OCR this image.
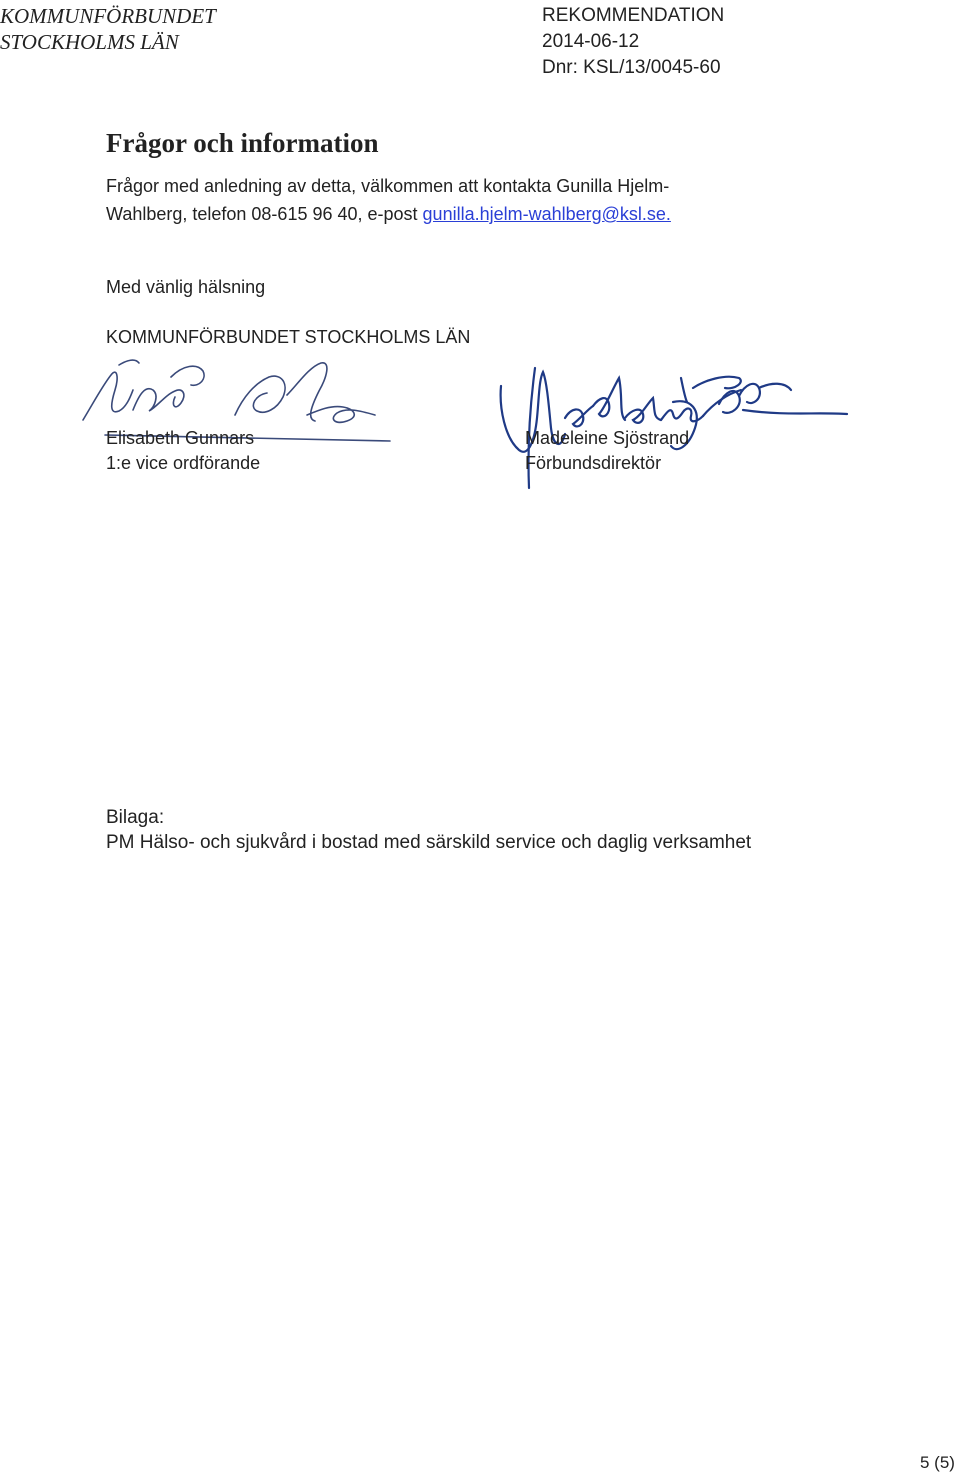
KOMMUNFÖRBUNDET
STOCKHOLMS LÄN
REKOMMENDATION
2014-06-12
Dnr: KSL/13/0045-60
Frågor och information
Frågor med anledning av detta, välkommen att kontakta Gunilla Hjelm-
Wahlberg, telefon 08-615 96 40, e-post gunilla.hjelm-wahlberg@ksl.se.
Med vänlig hälsning
KOMMUNFÖRBUNDET STOCKHOLMS LÄN
Elisabeth Gunnars
1:e vice ordförande
Madeleine Sjöstrand
Förbundsdirektör
Bilaga:
PM Hälso- och sjukvård i bostad med särskild service och daglig verksamhet
5 (5)
